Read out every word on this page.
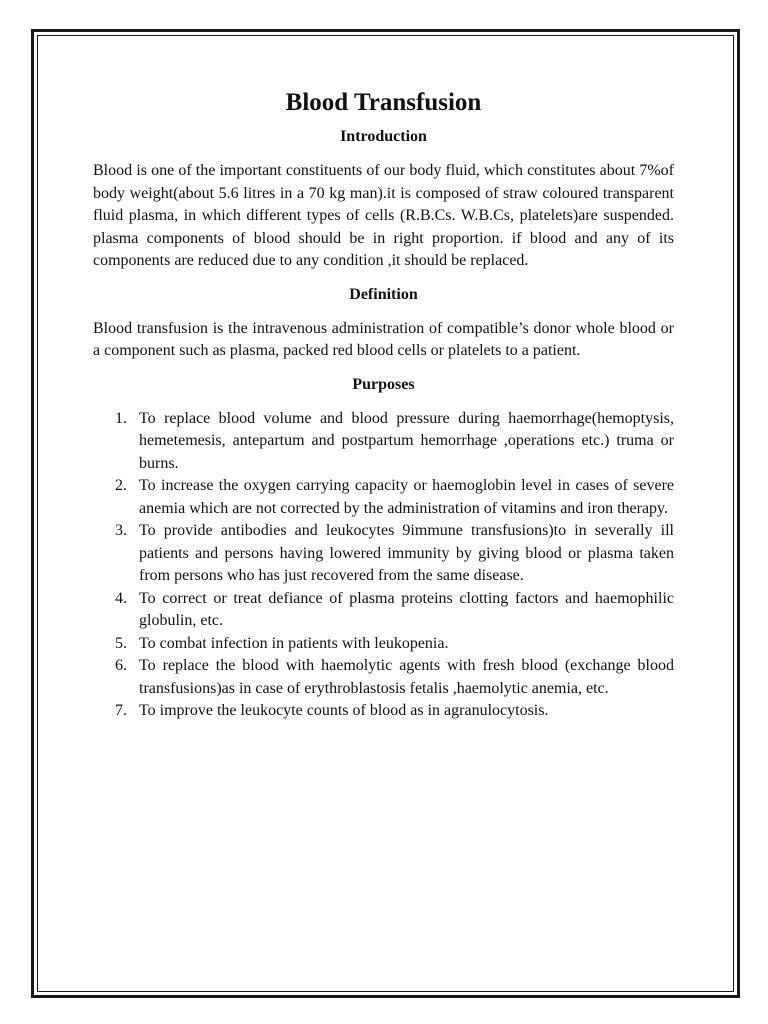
Blood Transfusion
Introduction

Blood is one of the important constituents of our body fluid, which constitutes about 7%of body weight(about 5.6 litres in a 70 kg man).it is composed of straw coloured transparent fluid plasma, in which different types of cells (R.B.Cs. W.B.Cs, platelets)are suspended. plasma components of blood should be in right proportion. if blood and any of its components are reduced due to any condition ,it should be replaced.

Definition

Blood transfusion is the intravenous administration of compatible’s donor whole blood or a component such as plasma, packed red blood cells or platelets to a patient.

Purposes
1. To replace blood volume and blood pressure during haemorrhage(hemoptysis, hemetemesis, antepartum and postpartum hemorrhage ,operations etc.) truma or burns.
2. To increase the oxygen carrying capacity or haemoglobin level in cases of severe anemia which are not corrected by the administration of vitamins and iron therapy.
3. To provide antibodies and leukocytes 9immune transfusions)to in severally ill patients and persons having lowered immunity by giving blood or plasma taken from persons who has just recovered from the same disease.
4. To correct or treat defiance of plasma proteins clotting factors and haemophilic globulin, etc.
5. To combat infection in patients with leukopenia.
6. To replace the blood with haemolytic agents with fresh blood (exchange blood transfusions)as in case of erythroblastosis fetalis ,haemolytic anemia, etc.
7. To improve the leukocyte counts of blood as in agranulocytosis.
